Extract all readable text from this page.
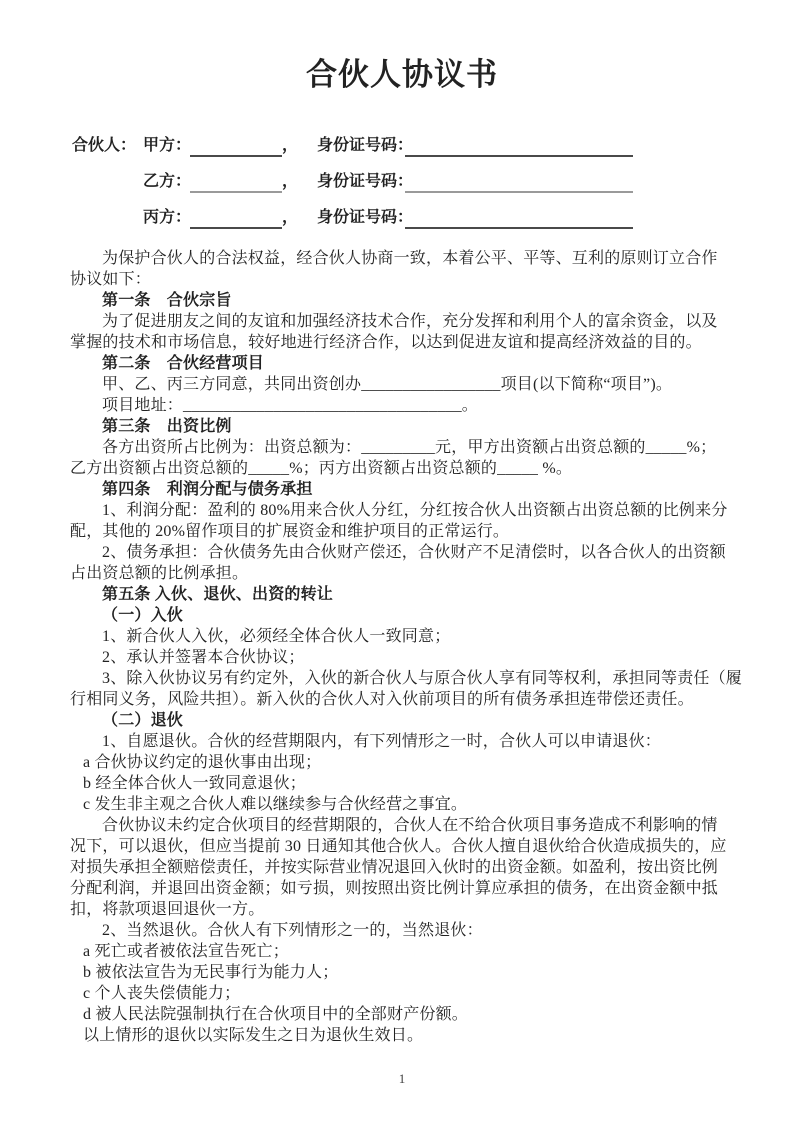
合伙人协议书
合伙人： 甲方：	，	身份证号码：
乙方：	，	身份证号码：
丙方：	，	身份证号码：
为保护合伙人的合法权益，经合伙人协商一致，本着公平、平等、互利的原则订立合作
协议如下：
第一条　合伙宗旨
为了促进朋友之间的友谊和加强经济技术合作，充分发挥和利用个人的富余资金，以及
掌握的技术和市场信息，较好地进行经济合作，以达到促进友谊和提高经济效益的目的。
第二条　合伙经营项目
甲、乙、丙三方同意，共同出资创办_________________项目(以下简称“项目”)。
项目地址：__________________________________。
第三条　出资比例
各方出资所占比例为：出资总额为：_________元，甲方出资额占出资总额的_____%；
乙方出资额占出资总额的_____%；丙方出资额占出资总额的_____ %。
第四条　利润分配与债务承担
1、利润分配：盈利的 80%用来合伙人分红，分红按合伙人出资额占出资总额的比例来分
配，其他的 20%留作项目的扩展资金和维护项目的正常运行。
2、债务承担：合伙债务先由合伙财产偿还，合伙财产不足清偿时，以各合伙人的出资额
占出资总额的比例承担。
第五条 入伙、退伙、出资的转让
（一）入伙
1、新合伙人入伙，必须经全体合伙人一致同意；
2、承认并签署本合伙协议；
3、除入伙协议另有约定外，入伙的新合伙人与原合伙人享有同等权利，承担同等责任（履
行相同义务，风险共担）。新入伙的合伙人对入伙前项目的所有债务承担连带偿还责任。
（二）退伙
1、自愿退伙。合伙的经营期限内，有下列情形之一时，合伙人可以申请退伙：
a 合伙协议约定的退伙事由出现；
b 经全体合伙人一致同意退伙；
c 发生非主观之合伙人难以继续参与合伙经营之事宜。
合伙协议未约定合伙项目的经营期限的，合伙人在不给合伙项目事务造成不利影响的情
况下，可以退伙，但应当提前 30 日通知其他合伙人。合伙人擅自退伙给合伙造成损失的，应
对损失承担全额赔偿责任，并按实际营业情况退回入伙时的出资金额。如盈利，按出资比例
分配利润，并退回出资金额；如亏损，则按照出资比例计算应承担的债务，在出资金额中抵
扣，将款项退回退伙一方。
2、当然退伙。合伙人有下列情形之一的，当然退伙：
a 死亡或者被依法宣告死亡；
b 被依法宣告为无民事行为能力人；
c 个人丧失偿债能力；
d 被人民法院强制执行在合伙项目中的全部财产份额。
以上情形的退伙以实际发生之日为退伙生效日。
1
